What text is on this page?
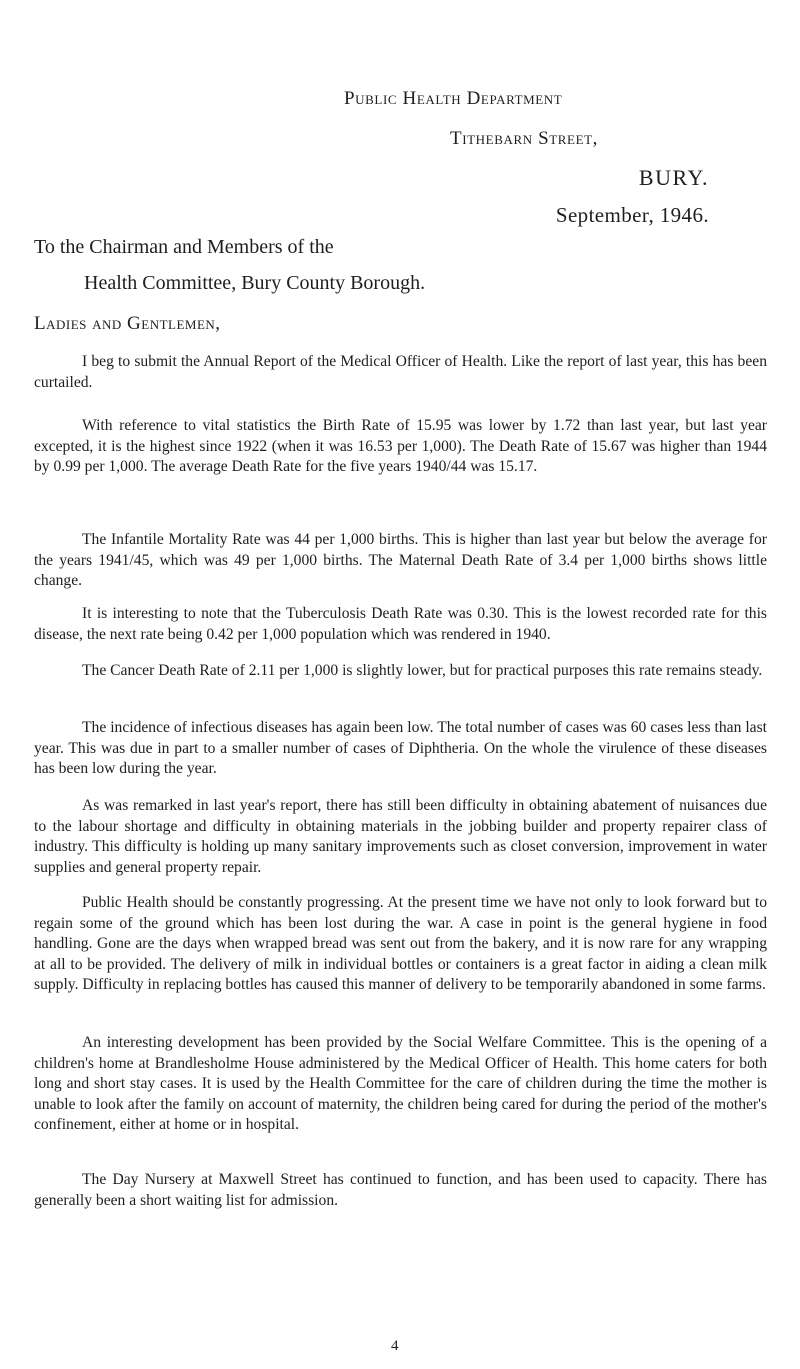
Public Health Department
Tithebarn Street,
BURY.
September, 1946.
To the Chairman and Members of the
Health Committee, Bury County Borough.
Ladies and Gentlemen,

I beg to submit the Annual Report of the Medical Officer of Health. Like the report of last year, this has been curtailed.

With reference to vital statistics the Birth Rate of 15.95 was lower by 1.72 than last year, but last year excepted, it is the highest since 1922 (when it was 16.53 per 1,000). The Death Rate of 15.67 was higher than 1944 by 0.99 per 1,000. The average Death Rate for the five years 1940/44 was 15.17.

The Infantile Mortality Rate was 44 per 1,000 births. This is higher than last year but below the average for the years 1941/45, which was 49 per 1,000 births. The Maternal Death Rate of 3.4 per 1,000 births shows little change.

It is interesting to note that the Tuberculosis Death Rate was 0.30. This is the lowest recorded rate for this disease, the next rate being 0.42 per 1,000 population which was rendered in 1940.

The Cancer Death Rate of 2.11 per 1,000 is slightly lower, but for practical purposes this rate remains steady.

The incidence of infectious diseases has again been low. The total number of cases was 60 cases less than last year. This was due in part to a smaller number of cases of Diphtheria. On the whole the virulence of these diseases has been low during the year.

As was remarked in last year's report, there has still been difficulty in obtaining abatement of nuisances due to the labour shortage and difficulty in obtaining materials in the jobbing builder and property repairer class of industry. This difficulty is holding up many sanitary improvements such as closet conversion, improvement in water supplies and general property repair.

Public Health should be constantly progressing. At the present time we have not only to look forward but to regain some of the ground which has been lost during the war. A case in point is the general hygiene in food handling. Gone are the days when wrapped bread was sent out from the bakery, and it is now rare for any wrapping at all to be provided. The delivery of milk in individual bottles or containers is a great factor in aiding a clean milk supply. Difficulty in replacing bottles has caused this manner of delivery to be temporarily abandoned in some farms.

An interesting development has been provided by the Social Welfare Committee. This is the opening of a children's home at Brandlesholme House administered by the Medical Officer of Health. This home caters for both long and short stay cases. It is used by the Health Committee for the care of children during the time the mother is unable to look after the family on account of maternity, the children being cared for during the period of the mother's confinement, either at home or in hospital.

The Day Nursery at Maxwell Street has continued to function, and has been used to capacity. There has generally been a short waiting list for admission.

4
